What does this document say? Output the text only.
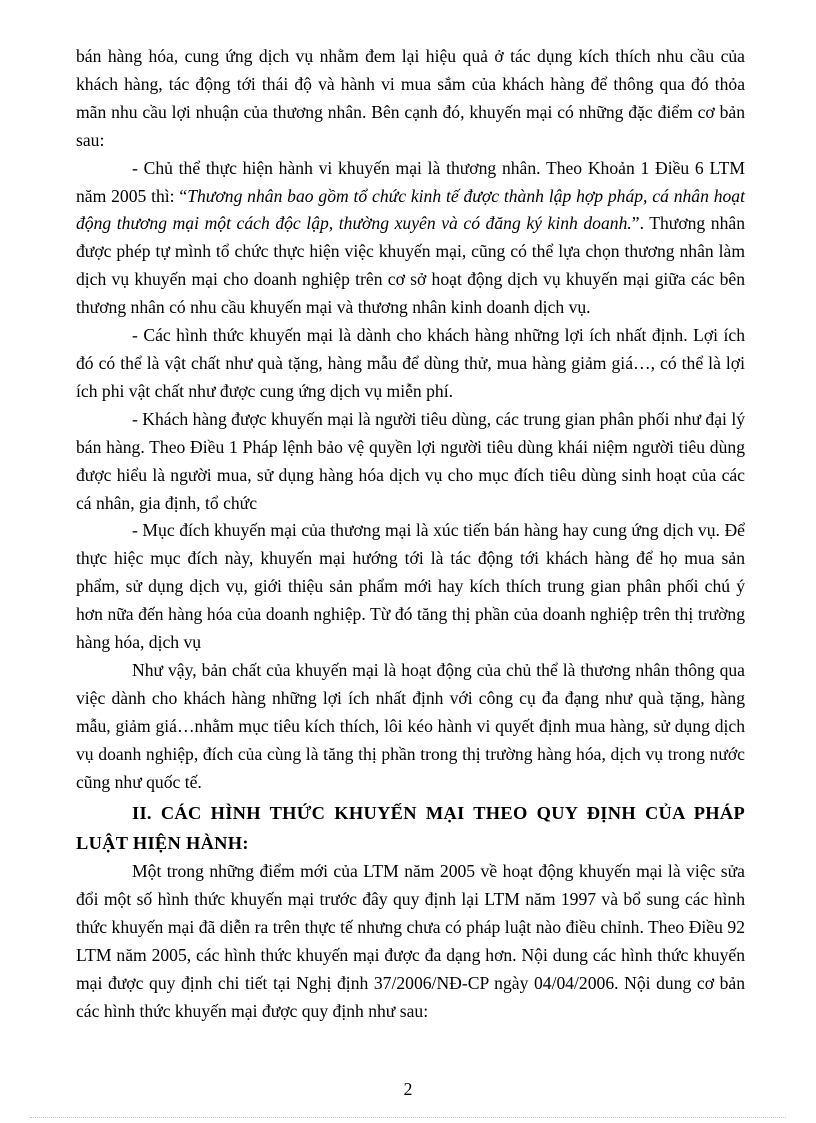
bán hàng hóa, cung ứng dịch vụ nhằm đem lại hiệu quả ở tác dụng kích thích nhu cầu của khách hàng, tác động tới thái độ và hành vi mua sắm của khách hàng để thông qua đó thỏa mãn nhu cầu lợi nhuận của thương nhân. Bên cạnh đó, khuyến mại có những đặc điểm cơ bản sau:

- Chủ thể thực hiện hành vi khuyến mại là thương nhân. Theo Khoản 1 Điều 6 LTM năm 2005 thì: “Thương nhân bao gồm tổ chức kinh tế được thành lập hợp pháp, cá nhân hoạt động thương mại một cách độc lập, thường xuyên và có đăng ký kinh doanh.”. Thương nhân được phép tự mình tổ chức thực hiện việc khuyến mại, cũng có thể lựa chọn thương nhân làm dịch vụ khuyến mại cho doanh nghiệp trên cơ sở hoạt động dịch vụ khuyến mại giữa các bên thương nhân có nhu cầu khuyến mại và thương nhân kinh doanh dịch vụ.

- Các hình thức khuyến mại là dành cho khách hàng những lợi ích nhất định. Lợi ích đó có thể là vật chất như quà tặng, hàng mẫu để dùng thử, mua hàng giảm giá…, có thể là lợi ích phi vật chất như được cung ứng dịch vụ miễn phí.

- Khách hàng được khuyến mại là người tiêu dùng, các trung gian phân phối như đại lý bán hàng. Theo Điều 1 Pháp lệnh bảo vệ quyền lợi người tiêu dùng khái niệm người tiêu dùng được hiểu là người mua, sử dụng hàng hóa dịch vụ cho mục đích tiêu dùng sinh hoạt của các cá nhân, gia định, tổ chức

- Mục đích khuyến mại của thương mại là xúc tiến bán hàng hay cung ứng dịch vụ. Để thực hiệc mục đích này, khuyến mại hướng tới là tác động tới khách hàng để họ mua sản phẩm, sử dụng dịch vụ, giới thiệu sản phẩm mới hay kích thích trung gian phân phối chú ý hơn nữa đến hàng hóa của doanh nghiệp. Từ đó tăng thị phần của doanh nghiệp trên thị trường hàng hóa, dịch vụ

Như vậy, bản chất của khuyến mại là hoạt động của chủ thể là thương nhân thông qua việc dành cho khách hàng những lợi ích nhất định với công cụ đa đạng như quà tặng, hàng mẫu, giảm giá…nhằm mục tiêu kích thích, lôi kéo hành vi quyết định mua hàng, sử dụng dịch vụ doanh nghiệp, đích của cùng là tăng thị phần trong thị trường hàng hóa, dịch vụ trong nước cũng như quốc tế.

II. CÁC HÌNH THỨC KHUYẾN MẠI THEO QUY ĐỊNH CỦA PHÁP LUẬT HIỆN HÀNH:

Một trong những điểm mới của LTM năm 2005 về hoạt động khuyến mại là việc sửa đổi một số hình thức khuyến mại trước đây quy định lại LTM năm 1997 và bổ sung các hình thức khuyến mại đã diễn ra trên thực tế nhưng chưa có pháp luật nào điều chỉnh. Theo Điều 92 LTM năm 2005, các hình thức khuyến mại được đa dạng hơn. Nội dung các hình thức khuyến mại được quy định chi tiết tại Nghị định 37/2006/NĐ-CP ngày 04/04/2006. Nội dung cơ bản các hình thức khuyến mại được quy định như sau:

2
